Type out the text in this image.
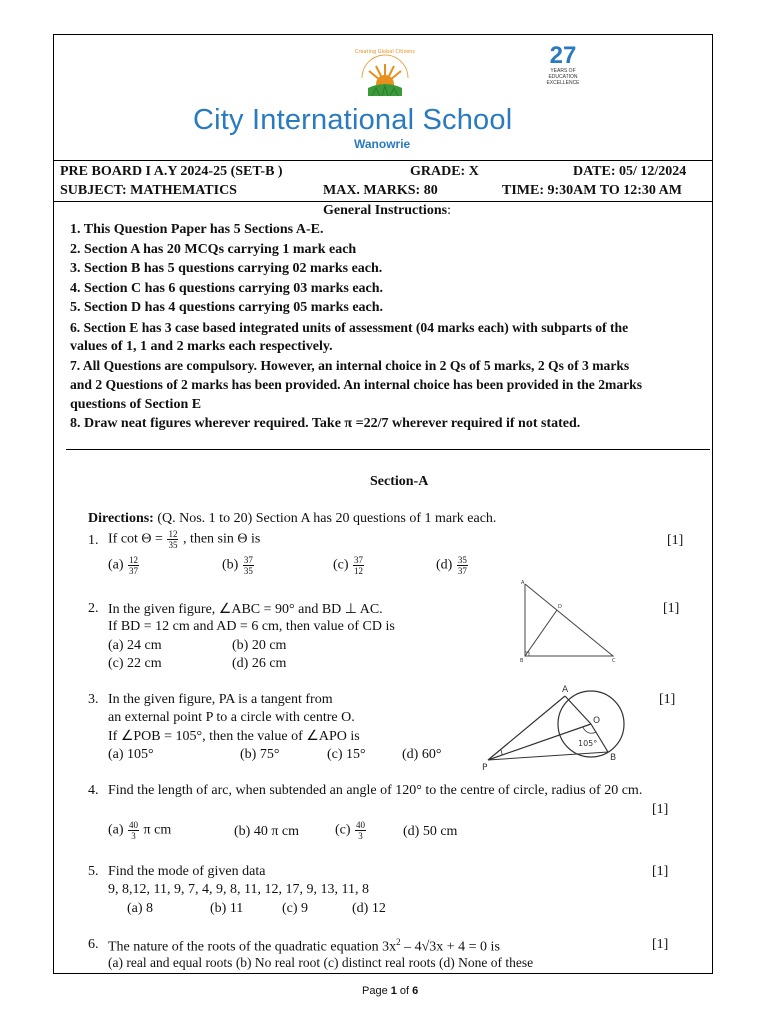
Creating Global Citizens	27
YEARS OF
EDUCATION
EXCELLENCE
City International School
Wanowrie
PRE BOARD I A.Y 2024-25 (SET-B )	GRADE: X	DATE: 05/ 12/2024
SUBJECT: MATHEMATICS	MAX. MARKS: 80	TIME: 9:30AM TO 12:30 AM
General Instructions:
1. This Question Paper has 5 Sections A-E.
2. Section A has 20 MCQs carrying 1 mark each
3. Section B has 5 questions carrying 02 marks each.
4. Section C has 6 questions carrying 03 marks each.
5. Section D has 4 questions carrying 05 marks each.
6. Section E has 3 case based integrated units of assessment (04 marks each) with subparts of the
values of 1, 1 and 2 marks each respectively.
7. All Questions are compulsory. However, an internal choice in 2 Qs of 5 marks, 2 Qs of 3 marks
and 2 Questions of 2 marks has been provided. An internal choice has been provided in the 2marks
questions of Section E
8. Draw neat figures wherever required. Take π =22/7 wherever required if not stated.
Section-A
Directions: (Q. Nos. 1 to 20) Section A has 20 questions of 1 mark each.
1. If $\cot \Theta = \frac{12}{35}$ , then sin Θ is	[1]
$(a) \frac{12}{37}$	$(b) \frac{37}{35}$	$(c) \frac{37}{12}$	$(d) \frac{35}{37}$
2. In the given figure, ∠ABC = 90° and BD ⊥ AC.
If BD = 12 cm and AD = 6 cm, then value of CD is
[1]
(a) 24 cm	(b) 20 cm
(c) 22 cm	(d) 26 cm
A
D
B	C
3. In the given figure, PA is a tangent from
an external point P to a circle with centre O.
If ∠POB = 105°, then the value of ∠APO is
[1]
(a) 105°	(b) 75°	(c) 15°	(d) 60°
A
O
B
P
105°
4. Find the length of arc, when subtended an angle of 120° to the centre of circle, radius of 20 cm.
[1]
$(a) \frac{40}{3}$ π cm	(b) 40 π cm	$(c) \frac{40}{3}$	(d) 50 cm
5. Find the mode of given data	[1]
9, 8,12, 11, 9, 7, 4, 9, 8, 11, 12, 17, 9, 13, 11, 8
(a) 8	(b) 11	(c) 9	(d) 12
6. The nature of the roots of the quadratic equation $3x^2 - 4√3x + 4 = 0$ is	[1]
(a) real and equal roots (b) No real root (c) distinct real roots (d) None of these
Page 1 of 6
